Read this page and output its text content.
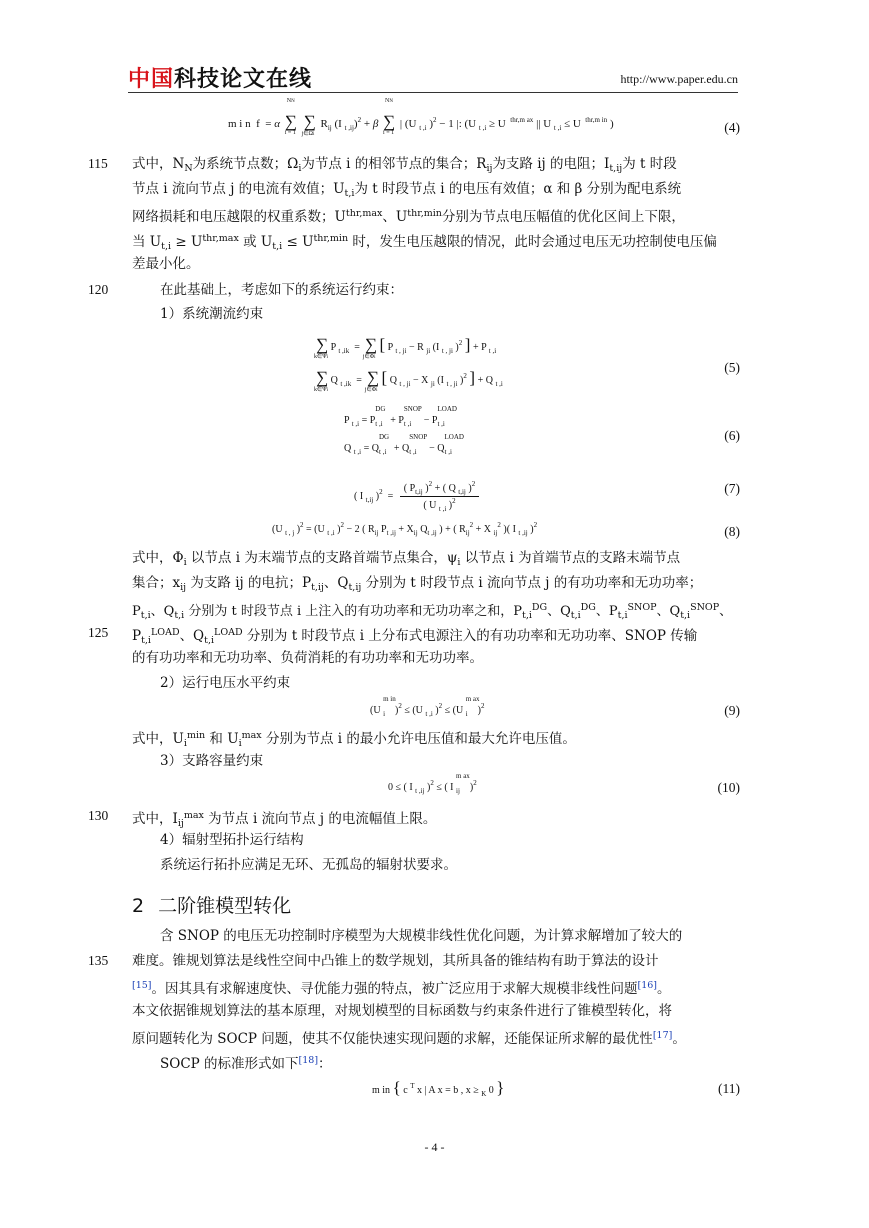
中国科技论文在线	http://www.paper.edu.cn
m i n  f  = α
NN
∑
i = 1
∑
j∈Ωi
$R_{ij}$ (I $_{t ,ij}$)$^2$ + β
NN
∑
i = 1
| (U $_{t ,i}$ )$^2$ − 1 |: (U $_{t ,i}$ ≥ U  $^{thr,m ax}$ || U $_{t ,i}$ ≤ U  $^{thr,m in}$ )	(4)
115 式中，$N_N$为系统节点数；$\Omega_i$为节点 i 的相邻节点的集合；$R_{ij}$为支路 ij 的电阻；$I_{t,ij}$为 t 时段
节点 i 流向节点 j 的电流有效值；$U_{t,i}$为 t 时段节点 i 的电压有效值；α 和 β 分别为配电系统
网络损耗和电压越限的权重系数；$U^{thr,max}$、$U^{thr,min}$分别为节点电压幅值的优化区间上下限，
当 $U_{t,i} \ge U^{thr,max}$ 或 $U_{t,i} \le U^{thr,min}$ 时，发生电压越限的情况，此时会通过电压无功控制使电压偏
差最小化。
120	在此基础上，考虑如下的系统运行约束：
1）系统潮流约束
∑
k∈Ψi
P $_{t ,ik}$  =  ∑
j∈Φi
[ P $_{t , ji}$ − R $_{ji}$ (I $_{t , ji}$ )$^2$ ] + P $_{t ,i}$
∑
k∈Ψi
Q $_{t ,ik}$  =  ∑
j∈Φi
[ Q $_{t , ji}$ − X $_{ji}$ (I $_{t , ji}$ )$^2$ ] + Q $_{t ,i}$
(5)
P $_{t ,i} = P_{t ,i}$
DG
+ $P_{t ,i}$
SNOP
− $P_{t ,i}$
LOAD
Q $_{t ,i} = Q_{t ,i}$
DG
+ $Q_{t ,i}$
SNOP
− $Q_{t ,i}$
LOAD	(6)
( I $_{t,ij}$ )$^2 = \frac{( P_{t,ij} )^2 + ( Q _{t,ij} )^2}{( U _{t ,i} )^2}$	(7)
(U $_{t , j}$ )$^2$ = (U $_{t ,i}$ )$^2$ − 2 ( $R_{ij}$ $P_{t ,ij} + X_{ij}$ $Q_{t ,ij}$ ) + ( $R_{ij}^2 + X$ $_{ij}^2$ )( I $_{t ,ij}$ )$^2$	(8)
式中，$\Phi_i$ 以节点 i 为末端节点的支路首端节点集合，$\psi_i$ 以节点 i 为首端节点的支路末端节点
集合；$x_{ij}$ 为支路 ij 的电抗；$P_{t,ij}$、$Q_{t,ij}$ 分别为 t 时段节点 i 流向节点 j 的有功功率和无功功率；
$P_{t,i}$、$Q_{t,i}$ 分别为 t 时段节点 i 上注入的有功功率和无功功率之和，$P_{t,i}^{DG}$、$Q_{t,i}^{DG}$、$P_{t,i}^{SNOP}$、$Q_{t,i}^{SNOP}$、
125 $P_{t,i}^{LOAD}$、$Q_{t,i}^{LOAD}$ 分别为 t 时段节点 i 上分布式电源注入的有功功率和无功功率、SNOP 传输
的有功功率和无功功率、负荷消耗的有功功率和无功功率。
2）运行电压水平约束
(U $_i$
m in
)$^2$ ≤ (U $_{t ,i}$ )$^2$ ≤ (U $_i$
m ax
)$^2$	(9)
式中，$U_i^{min}$ 和 $U_i^{max}$ 分别为节点 i 的最小允许电压值和最大允许电压值。
3）支路容量约束
0 ≤ ( I $_{t ,ij}$ )$^2$ ≤ ( I $_{ij}$
m ax
)$^2$	(10)
130 式中，$I_{ij}^{max}$ 为节点 i 流向节点 j 的电流幅值上限。
4）辐射型拓扑运行结构
系统运行拓扑应满足无环、无孤岛的辐射状要求。
2 二阶锥模型转化
含 SNOP 的电压无功控制时序模型为大规模非线性优化问题，为计算求解增加了较大的
135 难度。锥规划算法是线性空间中凸锥上的数学规划，其所具备的锥结构有助于算法的设计
[15]。因其具有求解速度快、寻优能力强的特点，被广泛应用于求解大规模非线性问题[16]。
本文依据锥规划算法的基本原理，对规划模型的目标函数与约束条件进行了锥模型转化，将
原问题转化为 SOCP 问题，使其不仅能快速实现问题的求解，还能保证所求解的最优性[17]。
SOCP 的标准形式如下[18]：
m in { c $^T$ x | A x = b , x ≥ $_K$ 0 }	(11)
- 4 -
